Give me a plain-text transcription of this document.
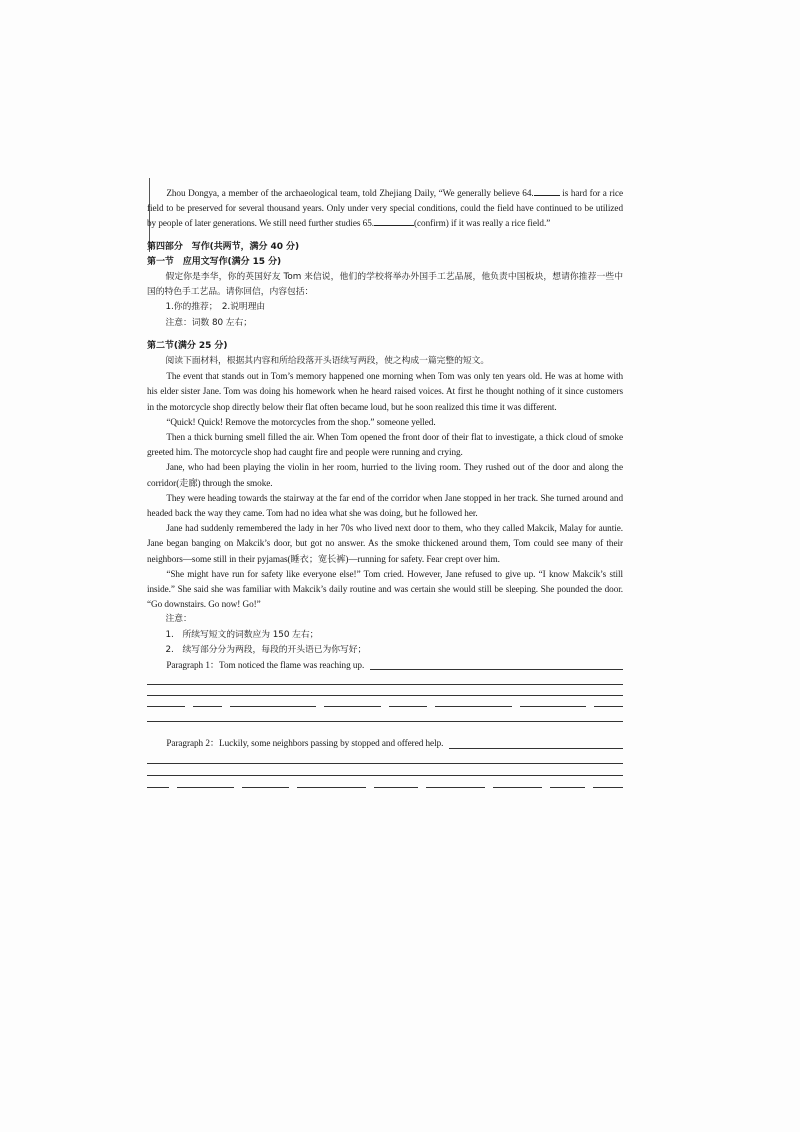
Zhou Dongya, a member of the archaeological team, told Zhejiang Daily, “We generally believe 64.	is hard for a rice field to be preserved for several thousand years. Only under very special conditions, could the field have continued to be utilized by people of later generations. We still need further studies 65.	(confirm) if it was really a rice field.”

第四部分　写作(共两节，满分 40 分)

第一节　应用文写作(满分 15 分)

假定你是李华，你的英国好友 Tom 来信说，他们的学校将举办外国手工艺品展，他负责中国板块，想请你推荐一些中国的特色手工艺品。请你回信，内容包括：

1.你的推荐；　2.说明理由

注意：词数 80 左右；

第二节(满分 25 分)

阅读下面材料，根据其内容和所给段落开头语续写两段，使之构成一篇完整的短文。

The event that stands out in Tom’s memory happened one morning when Tom was only ten years old. He was at home with his elder sister Jane. Tom was doing his homework when he heard raised voices. At first he thought nothing of it since customers in the motorcycle shop directly below their flat often became loud, but he soon realized this time it was different.

“Quick! Quick! Remove the motorcycles from the shop.” someone yelled.

Then a thick burning smell filled the air. When Tom opened the front door of their flat to investigate, a thick cloud of smoke greeted him. The motorcycle shop had caught fire and people were running and crying.

Jane, who had been playing the violin in her room, hurried to the living room. They rushed out of the door and along the corridor(走廊) through the smoke.

They were heading towards the stairway at the far end of the corridor when Jane stopped in her track. She turned around and headed back the way they came. Tom had no idea what she was doing, but he followed her.

Jane had suddenly remembered the lady in her 70s who lived next door to them, who they called Makcik, Malay for auntie. Jane began banging on Makcik’s door, but got no answer. As the smoke thickened around them, Tom could see many of their neighbors—some still in their pyjamas(睡衣；宽长裤)—running for safety. Fear crept over him.

“She might have run for safety like everyone else!” Tom cried. However, Jane refused to give up. “I know Makcik’s still inside.” She said she was familiar with Makcik’s daily routine and was certain she would still be sleeping. She pounded the door. “Go downstairs. Go now! Go!”

注意：

1.　所续写短文的词数应为 150 左右；

2.　续写部分分为两段，每段的开头语已为你写好；

Paragraph 1：Tom noticed the flame was reaching up.
Paragraph 2：Luckily, some neighbors passing by stopped and offered help.
